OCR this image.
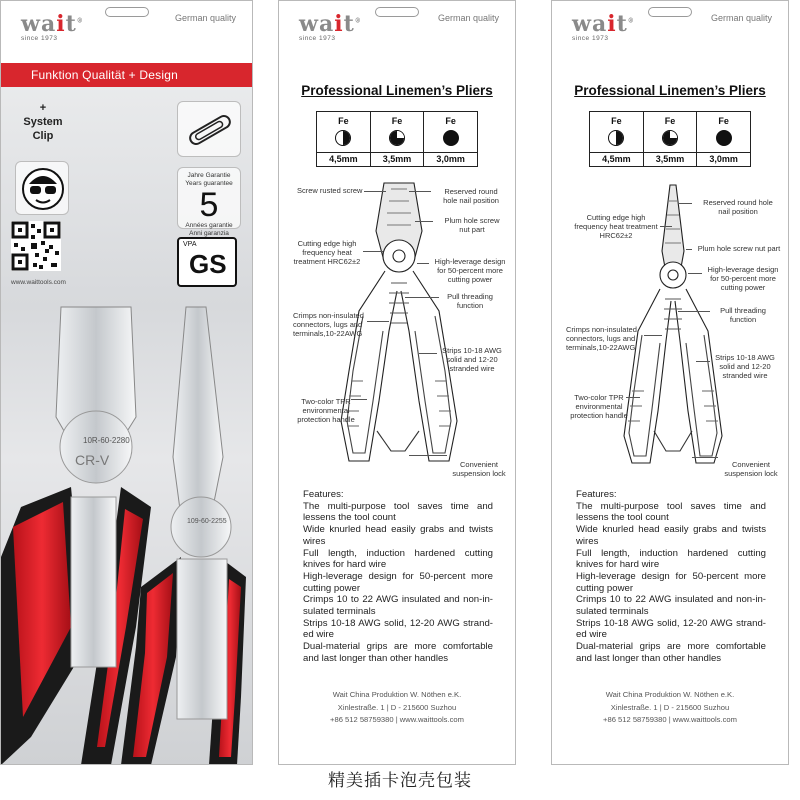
wait®
since 1973
German quality
Funktion Qualität + Design
+
System
Clip
www.waittools.com
Jahre Garantie
Years guarantee
5
Années garantie
Anni garanzia
VPA
GS
10R-60-2280
CR-V
109-60-2255
wait®
since 1973
German quality
Professional Linemen’s Pliers
Fe
4,5mm
Fe
3,5mm
Fe
3,0mm
Screw rusted screw	Reserved round
hole nail position
Plum hole screw
nut part
Cutting edge high
frequency heat
treatment HRC62±2	High-leverage design
for 50-percent more
cutting power
Pull threading
function
Crimps non-insulated
connectors, lugs and
terminals,10-22AWG
Strips 10-18 AWG
solid and 12-20
stranded wire
Two-color TPR
environmental
protection handle
Convenient
suspension lock

Features:

The multi-purpose tool saves time and lessens the tool count

Wide knurled head easily grabs and twists wires

Full length, induction hardened cutting knives for hard wire

High-leverage design for 50-percent more cutting power

Crimps 10 to 22 AWG insulated and non-in-sulated terminals

Strips 10-18 AWG solid, 12-20 AWG strand-ed wire

Dual-material grips are more comfortable and last longer than other handles

Wait China Produktion W. Nöthen e.K.
Xinlestraße. 1 | D - 215600 Suzhou
+86 512 58759380 | www.waittools.com
wait®
since 1973
German quality
Professional Linemen’s Pliers
Fe
4,5mm
Fe
3,5mm
Fe
3,0mm
Reserved round hole
nail position
Cutting edge high
frequency heat treatment
HRC62±2
Plum hole screw nut part
High-leverage design
for 50-percent more
cutting power
Pull threading
function
Crimps non-insulated
connectors, lugs and
terminals,10-22AWG
Strips 10-18 AWG
solid and 12-20
stranded wire
Two-color TPR
environmental
protection handle
Convenient
suspension lock

Features:

The multi-purpose tool saves time and lessens the tool count

Wide knurled head easily grabs and twists wires

Full length, induction hardened cutting knives for hard wire

High-leverage design for 50-percent more cutting power

Crimps 10 to 22 AWG insulated and non-in-sulated terminals

Strips 10-18 AWG solid, 12-20 AWG strand-ed wire

Dual-material grips are more comfortable and last longer than other handles

Wait China Produktion W. Nöthen e.K.
Xinlestraße. 1 | D - 215600 Suzhou
+86 512 58759380 | www.waittools.com
精美插卡泡壳包装
